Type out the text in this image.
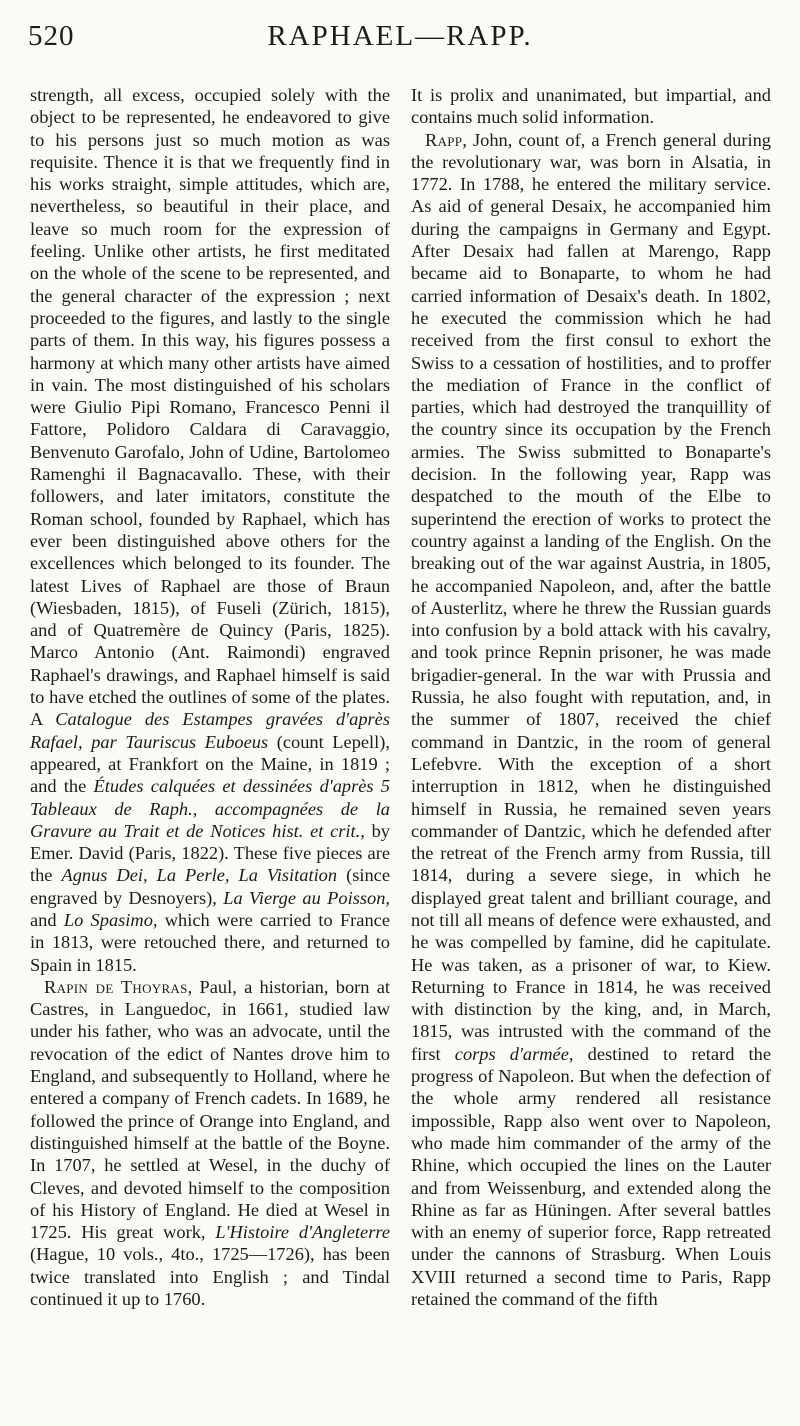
520	RAPHAEL—RAPP.

strength, all excess, occupied solely with the object to be represented, he endeavored to give to his persons just so much motion as was requisite. Thence it is that we frequently find in his works straight, simple attitudes, which are, nevertheless, so beautiful in their place, and leave so much room for the expression of feeling. Unlike other artists, he first meditated on the whole of the scene to be represented, and the general character of the expression ; next proceeded to the figures, and lastly to the single parts of them. In this way, his figures possess a harmony at which many other artists have aimed in vain. The most distinguished of his scholars were Giulio Pipi Romano, Francesco Penni il Fattore, Polidoro Caldara di Caravaggio, Benvenuto Garofalo, John of Udine, Bartolomeo Ramenghi il Bagnacavallo. These, with their followers, and later imitators, constitute the Roman school, founded by Raphael, which has ever been distinguished above others for the excellences which belonged to its founder. The latest Lives of Raphael are those of Braun (Wiesbaden, 1815), of Fuseli (Zürich, 1815), and of Quatremère de Quincy (Paris, 1825). Marco Antonio (Ant. Raimondi) engraved Raphael's drawings, and Raphael himself is said to have etched the outlines of some of the plates. A Catalogue des Estampes gravées d'après Rafael, par Tauriscus Euboeus (count Lepell), appeared, at Frankfort on the Maine, in 1819 ; and the Études calquées et dessinées d'après 5 Tableaux de Raph., accompagnées de la Gravure au Trait et de Notices hist. et crit., by Emer. David (Paris, 1822). These five pieces are the Agnus Dei, La Perle, La Visitation (since engraved by Desnoyers), La Vierge au Poisson, and Lo Spasimo, which were carried to France in 1813, were retouched there, and returned to Spain in 1815.

Rapin de Thoyras, Paul, a historian, born at Castres, in Languedoc, in 1661, studied law under his father, who was an advocate, until the revocation of the edict of Nantes drove him to England, and subsequently to Holland, where he entered a company of French cadets. In 1689, he followed the prince of Orange into England, and distinguished himself at the battle of the Boyne. In 1707, he settled at Wesel, in the duchy of Cleves, and devoted himself to the composition of his History of England. He died at Wesel in 1725. His great work, L'Histoire d'Angleterre (Hague, 10 vols., 4to., 1725—1726), has been twice translated into English ; and Tindal continued it up to 1760.

It is prolix and unanimated, but impartial, and contains much solid information.

Rapp, John, count of, a French general during the revolutionary war, was born in Alsatia, in 1772. In 1788, he entered the military service. As aid of general Desaix, he accompanied him during the campaigns in Germany and Egypt. After Desaix had fallen at Marengo, Rapp became aid to Bonaparte, to whom he had carried information of Desaix's death. In 1802, he executed the commission which he had received from the first consul to exhort the Swiss to a cessation of hostilities, and to proffer the mediation of France in the conflict of parties, which had destroyed the tranquillity of the country since its occupation by the French armies. The Swiss submitted to Bonaparte's decision. In the following year, Rapp was despatched to the mouth of the Elbe to superintend the erection of works to protect the country against a landing of the English. On the breaking out of the war against Austria, in 1805, he accompanied Napoleon, and, after the battle of Austerlitz, where he threw the Russian guards into confusion by a bold attack with his cavalry, and took prince Repnin prisoner, he was made brigadier-general. In the war with Prussia and Russia, he also fought with reputation, and, in the summer of 1807, received the chief command in Dantzic, in the room of general Lefebvre. With the exception of a short interruption in 1812, when he distinguished himself in Russia, he remained seven years commander of Dantzic, which he defended after the retreat of the French army from Russia, till 1814, during a severe siege, in which he displayed great talent and brilliant courage, and not till all means of defence were exhausted, and he was compelled by famine, did he capitulate. He was taken, as a prisoner of war, to Kiew. Returning to France in 1814, he was received with distinction by the king, and, in March, 1815, was intrusted with the command of the first corps d'armée, destined to retard the progress of Napoleon. But when the defection of the whole army rendered all resistance impossible, Rapp also went over to Napoleon, who made him commander of the army of the Rhine, which occupied the lines on the Lauter and from Weissenburg, and extended along the Rhine as far as Hüningen. After several battles with an enemy of superior force, Rapp retreated under the cannons of Strasburg. When Louis XVIII returned a second time to Paris, Rapp retained the command of the fifth
